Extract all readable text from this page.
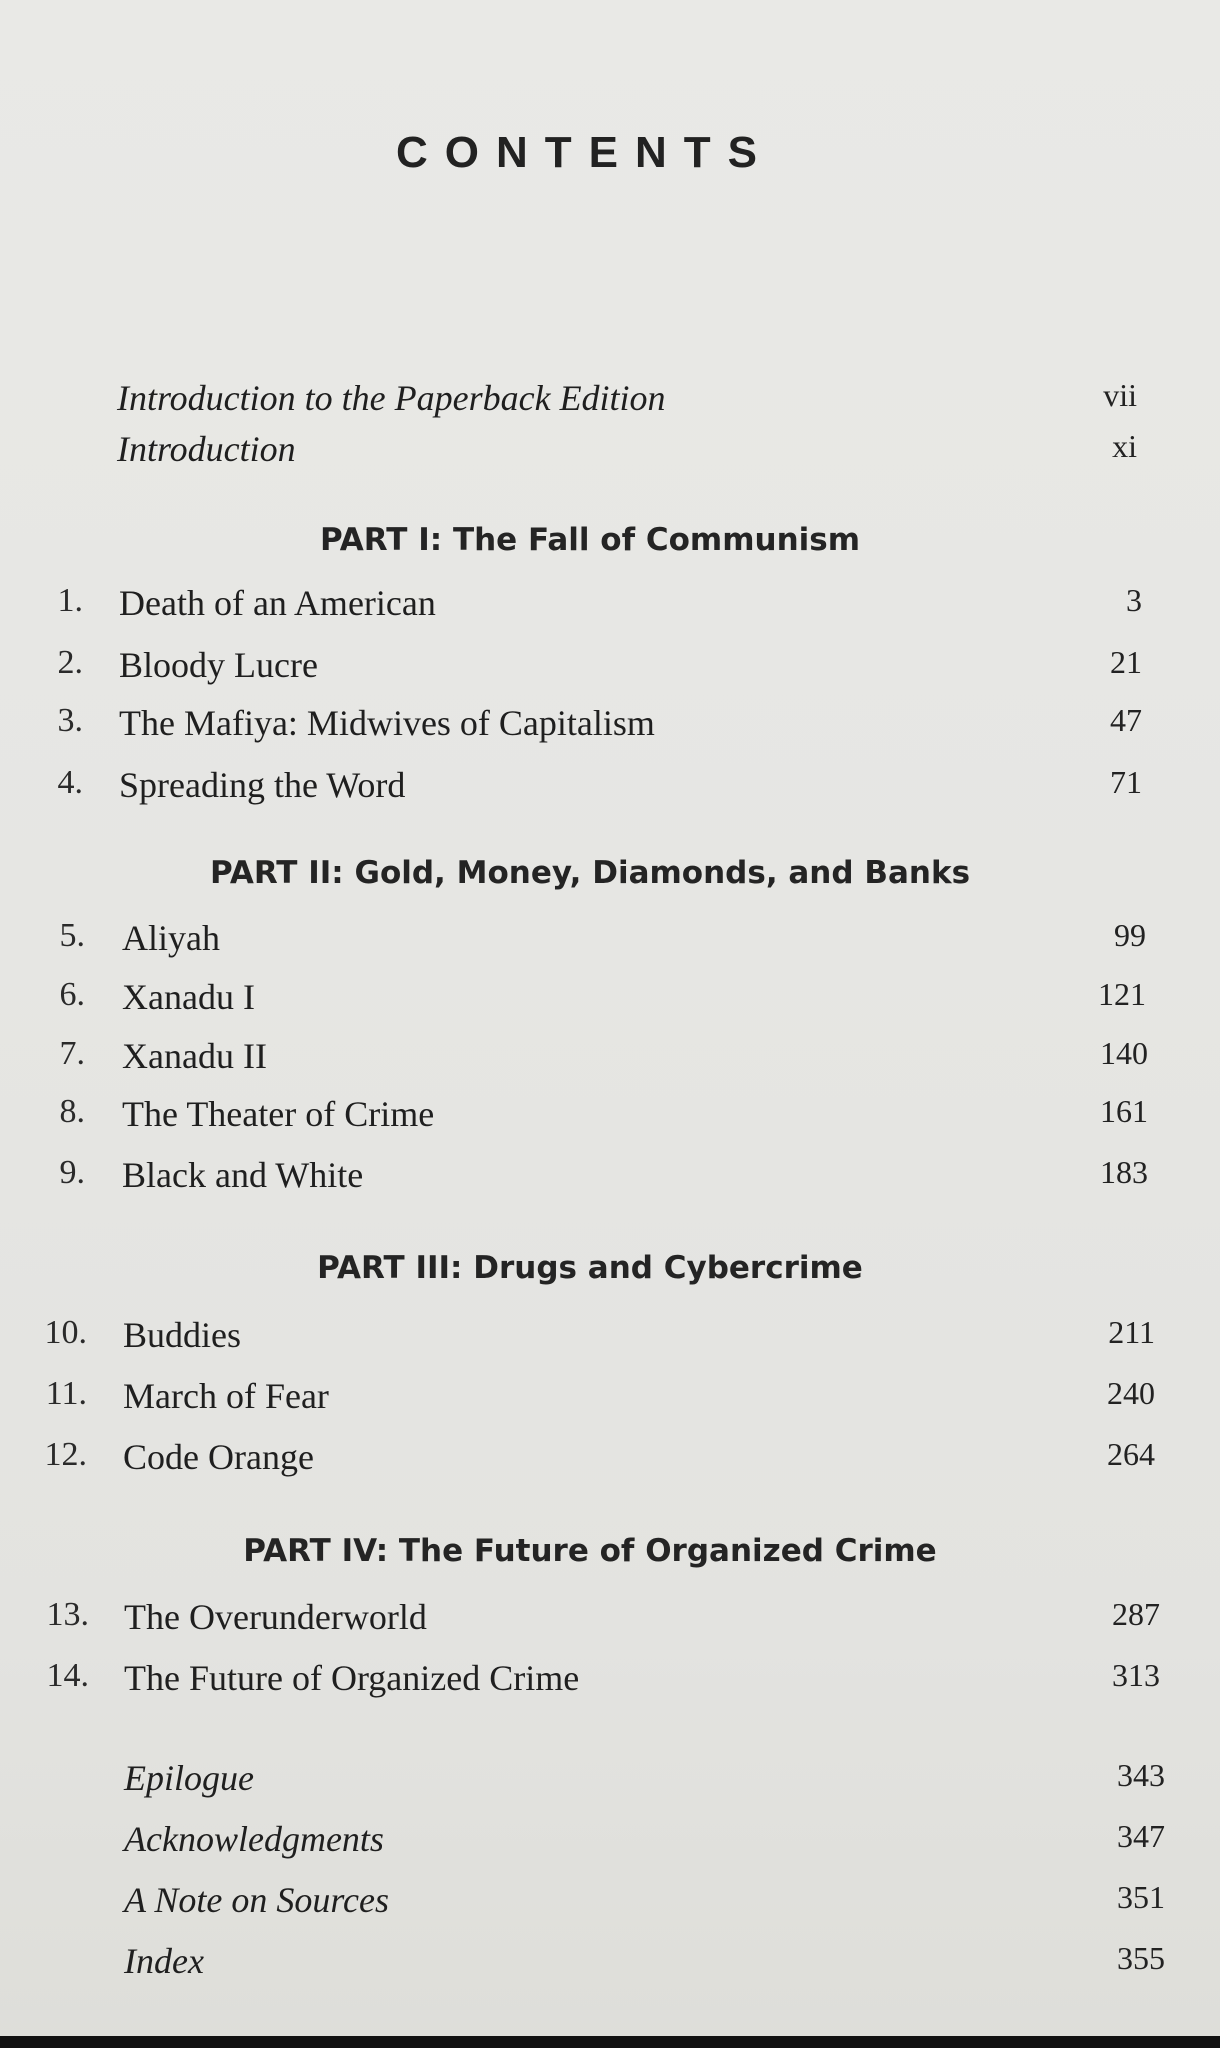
CONTENTS
Introduction to the Paperback Edition	vii
Introduction	xi
PART I: The Fall of Communism
1. Death of an American	3
2. Bloody Lucre	21
3. The Mafiya: Midwives of Capitalism	47
4. Spreading the Word	71
PART II: Gold, Money, Diamonds, and Banks
5. Aliyah	99
6. Xanadu I	121
7. Xanadu II	140
8. The Theater of Crime	161
9. Black and White	183
PART III: Drugs and Cybercrime
10. Buddies	211
11. March of Fear	240
12. Code Orange	264
PART IV: The Future of Organized Crime
13. The Overunderworld	287
14. The Future of Organized Crime	313
Epilogue	343
Acknowledgments	347
A Note on Sources	351
Index	355
